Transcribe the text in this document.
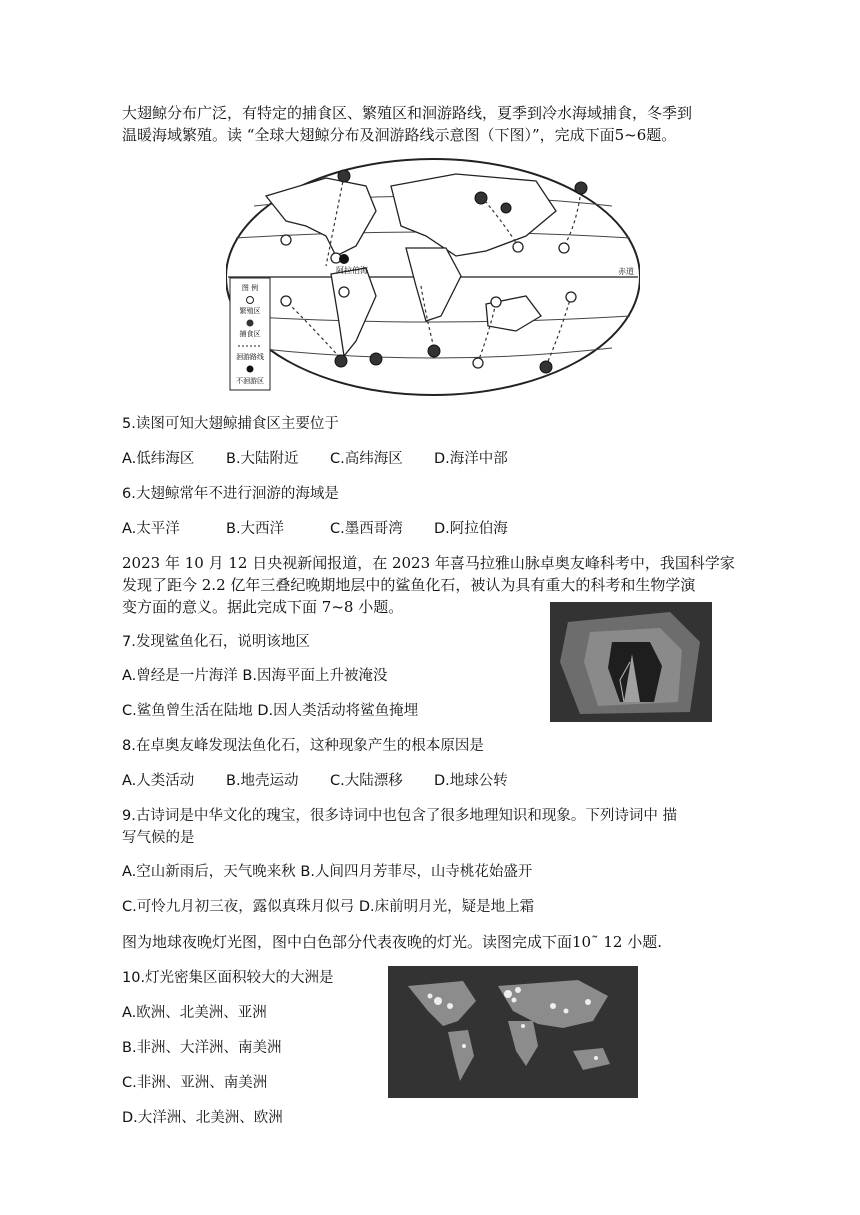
大翅鲸分布广泛，有特定的捕食区、繁殖区和洄游路线，夏季到冷水海域捕食，冬季到
温暖海域繁殖。读 “全球大翅鲸分布及洄游路线示意图（下图）”，完成下面5~6题。
阿拉伯海	赤道
图 例
繁殖区
捕食区
洄游路线
不洄游区
5.读图可知大翅鲸捕食区主要位于
A.低纬海区 B.大陆附近 C.高纬海区 D.海洋中部
6.大翅鲸常年不进行洄游的海域是
A.太平洋	B.大西洋	C.墨西哥湾 D.阿拉伯海
2023 年 10 月 12 日央视新闻报道，在 2023 年喜马拉雅山脉卓奥友峰科考中，我国科学家
发现了距今 2.2 亿年三叠纪晚期地层中的鲨鱼化石，被认为具有重大的科考和生物学演
变方面的意义。据此完成下面 7~8 小题。
7.发现鲨鱼化石，说明该地区
A.曾经是一片海洋 B.因海平面上升被淹没
C.鲨鱼曾生活在陆地 D.因人类活动将鲨鱼掩埋
8.在卓奥友峰发现法鱼化石，这种现象产生的根本原因是
A.人类活动 B.地壳运动 C.大陆漂移 D.地球公转
9.古诗词是中华文化的瑰宝，很多诗词中也包含了很多地理知识和现象。下列诗词中 描
写气候的是
A.空山新雨后，天气晚来秋 B.人间四月芳菲尽，山寺桃花始盛开
C.可怜九月初三夜，露似真珠月似弓 D.床前明月光，疑是地上霜
图为地球夜晚灯光图，图中白色部分代表夜晚的灯光。读图完成下面10˜ 12 小题.
10.灯光密集区面积较大的大洲是
A.欧洲、北美洲、亚洲
B.非洲、大洋洲、南美洲
C.非洲、亚洲、南美洲
D.大洋洲、北美洲、欧洲
